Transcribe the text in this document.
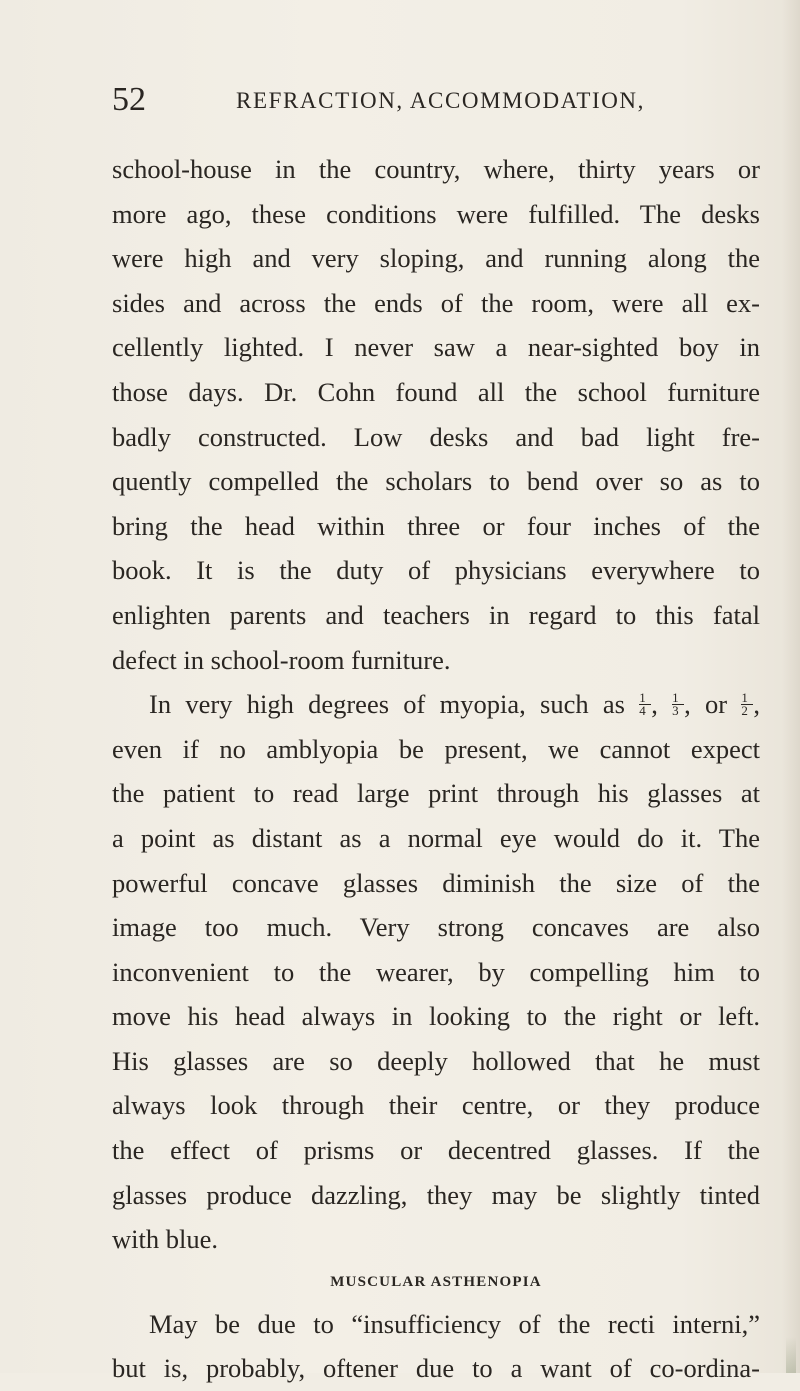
52	REFRACTION, ACCOMMODATION,
school-house in the country, where, thirty years or
more ago, these conditions were fulfilled. The desks
were high and very sloping, and running along the
sides and across the ends of the room, were all ex-
cellently lighted. I never saw a near-sighted boy in
those days. Dr. Cohn found all the school furniture
badly constructed. Low desks and bad light fre-
quently compelled the scholars to bend over so as to
bring the head within three or four inches of the
book. It is the duty of physicians everywhere to
enlighten parents and teachers in regard to this fatal
defect in school-room furniture.
In very high degrees of myopia, such as $\frac{1}{4}$ , $\frac{1}{3}$ , or $\frac{1}{2}$ ,
even if no amblyopia be present, we cannot expect
the patient to read large print through his glasses at
a point as distant as a normal eye would do it. The
powerful concave glasses diminish the size of the
image too much. Very strong concaves are also
inconvenient to the wearer, by compelling him to
move his head always in looking to the right or left.
His glasses are so deeply hollowed that he must
always look through their centre, or they produce
the effect of prisms or decentred glasses. If the
glasses produce dazzling, they may be slightly tinted
with blue.
MUSCULAR ASTHENOPIA
May be due to “insufficiency of the recti interni,”
but is, probably, oftener due to a want of co-ordina-
